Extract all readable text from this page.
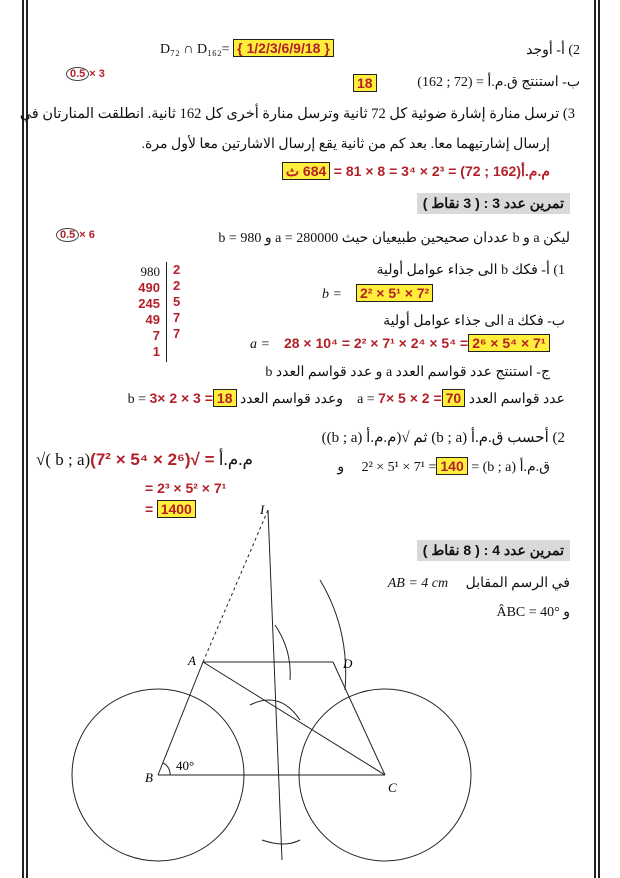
2) أ- أوجد
D₇₂ ∩ D₁₆₂= { 1/2/3/6/9/18 }
0.5 × 3
ب- استنتج ق.م.أ (162 ; 72) =
18
3) ترسل منارة إشارة ضوئية كل 72 ثانية وترسل منارة أخرى كل 162 ثانية. انطلقت المنارتان في
إرسال إشارتيهما معا. بعد كم من ثانية يقع إرسال الاشارتين معا لأول مرة.
م.م.أ(162 ; 72) = 2³ × 3⁴ = 8 × 81 = 684 ث
تمرين عدد 3 : ( 3 نقاط )
0.5 × 6	ليكن a و b عددان صحيحين طبيعيان حيث a = 280000 و b = 980
1) أ- فكك b الى جذاء عوامل أولية
980
490
245
49
7
1
2
2
5
7
7
b = 2² × 5¹ × 7²
ب- فكك a الى جذاء عوامل أولية
a = 28 × 10⁴ = 2² × 7¹ × 2⁴ × 5⁴ = 2⁶ × 5⁴ × 7¹
ج- استنتج عدد قواسم العدد a و عدد قواسم العدد b
عدد قواسم العدد a = 7× 5 × 2 = 70    وعدد قواسم العدد b = 3× 2 × 3 = 18
2) أحسب ق.م.أ (b ; a) ثم √(م.م.أ (b ; a))
ق.م.أ (b ; a) = 2² × 5¹ × 7¹ =140     و
√( b ; a)م.م.أ = √(2⁶ × 5⁴ × 7²)
= 2³ × 5² × 7¹
= 1400
تمرين عدد 4 : ( 8 نقاط )
في الرسم المقابل     AB = 4 cm
و ÂBC = 40°
A
B
C
D
I
40°
